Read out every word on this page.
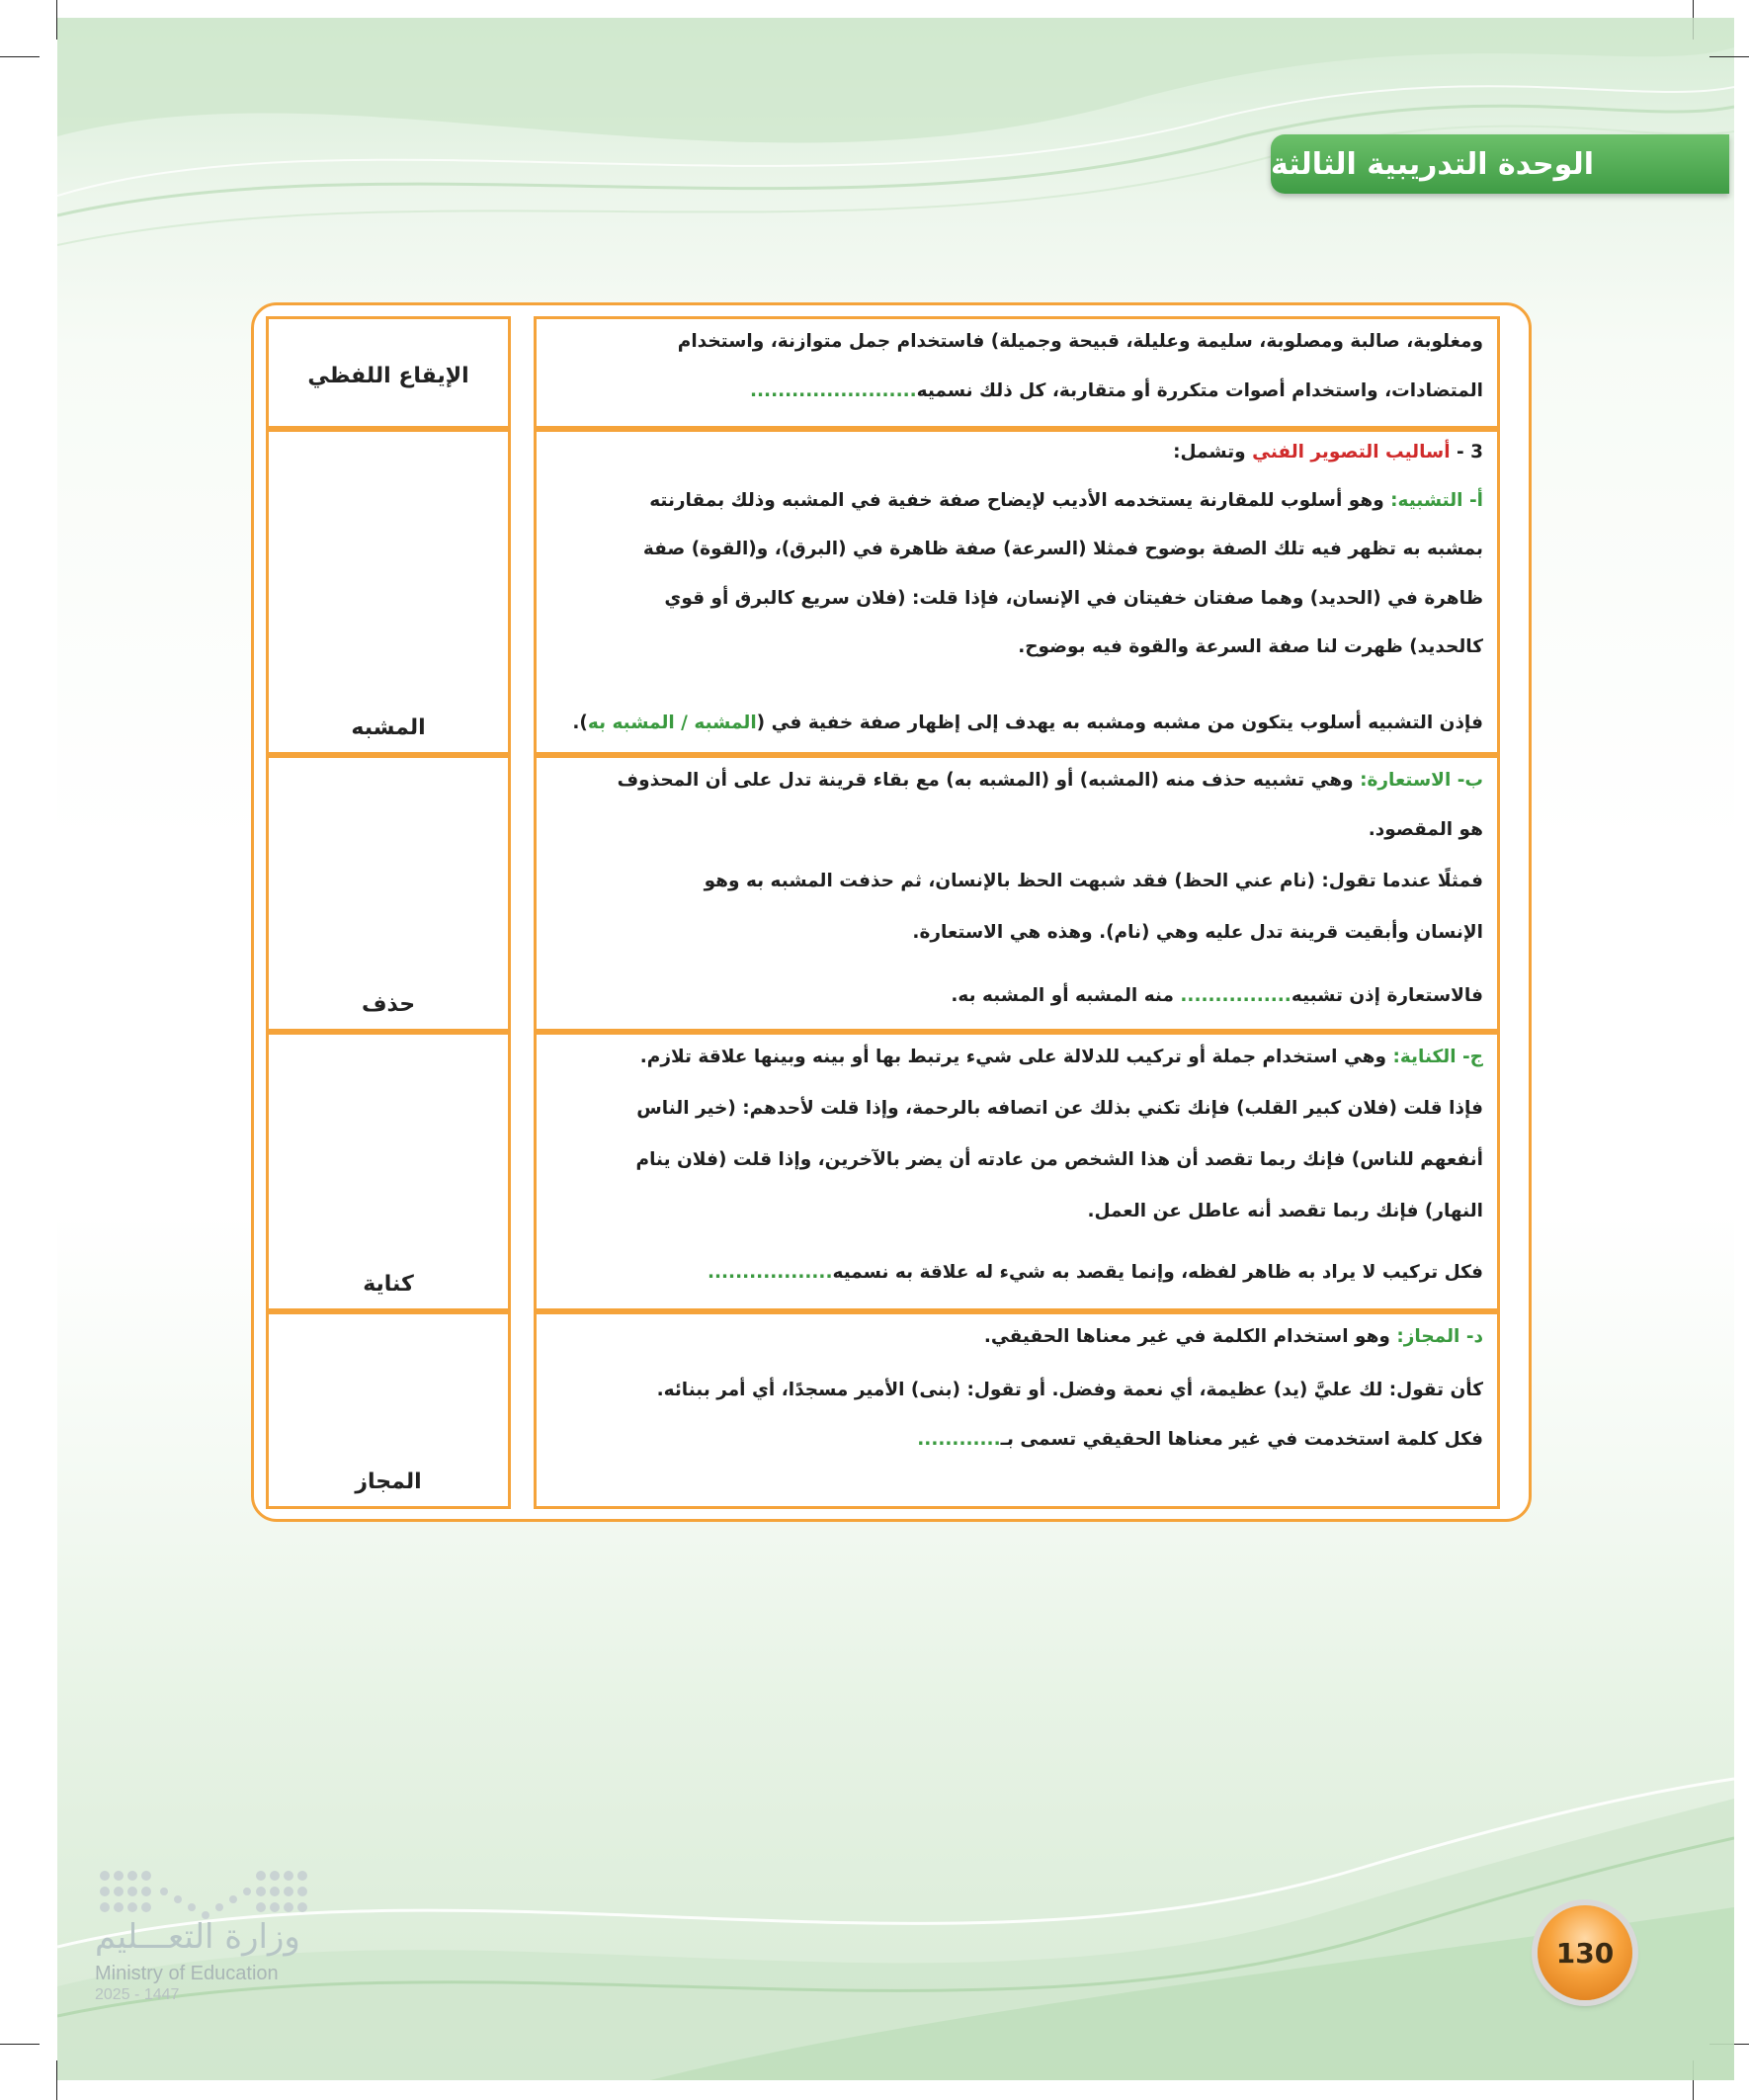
الوحدة التدريبية الثالثة
ومغلوبة، صالبة ومصلوبة، سليمة وعليلة، قبيحة وجميلة) فاستخدام جمل متوازنة، واستخدام
المتضادات، واستخدام أصوات متكررة أو متقاربة، كل ذلك نسميه........................
الإيقاع اللفظي
3 - أساليب التصوير الفني وتشمل:
أ- التشبيه: وهو أسلوب للمقارنة يستخدمه الأديب لإيضاح صفة خفية في المشبه وذلك بمقارنته
بمشبه به تظهر فيه تلك الصفة بوضوح فمثلا (السرعة) صفة ظاهرة في (البرق)، و(القوة) صفة
ظاهرة في (الحديد) وهما صفتان خفيتان في الإنسان، فإذا قلت: (فلان سريع كالبرق أو قوي
كالحديد) ظهرت لنا صفة السرعة والقوة فيه بوضوح.
فإذن التشبيه أسلوب يتكون من مشبه ومشبه به يهدف إلى إظهار صفة خفية في (المشبه / المشبه به).
المشبه
ب- الاستعارة: وهي تشبيه حذف منه (المشبه) أو (المشبه به) مع بقاء قرينة تدل على أن المحذوف
هو المقصود.
فمثلًا عندما تقول: (نام عني الحظ) فقد شبهت الحظ بالإنسان، ثم حذفت المشبه به وهو
الإنسان وأبقيت قرينة تدل عليه وهي (نام). وهذه هي الاستعارة.
فالاستعارة إذن تشبيه................ منه المشبه أو المشبه به.
حذف
ج- الكناية: وهي استخدام جملة أو تركيب للدلالة على شيء يرتبط بها أو بينه وبينها علاقة تلازم.
فإذا قلت (فلان كبير القلب) فإنك تكني بذلك عن اتصافه بالرحمة، وإذا قلت لأحدهم: (خير الناس
أنفعهم للناس) فإنك ربما تقصد أن هذا الشخص من عادته أن يضر بالآخرين، وإذا قلت (فلان ينام
النهار) فإنك ربما تقصد أنه عاطل عن العمل.
فكل تركيب لا يراد به ظاهر لفظه، وإنما يقصد به شيء له علاقة به نسميه..................
كناية
د- المجاز: وهو استخدام الكلمة في غير معناها الحقيقي.
كأن تقول: لك عليَّ (يد) عظيمة، أي نعمة وفضل. أو تقول: (بنى) الأمير مسجدًا، أي أمر ببنائه.
فكل كلمة استخدمت في غير معناها الحقيقي تسمى بـ............
المجاز
وزارة التعـــليم
Ministry of Education
2025 - 1447
130
